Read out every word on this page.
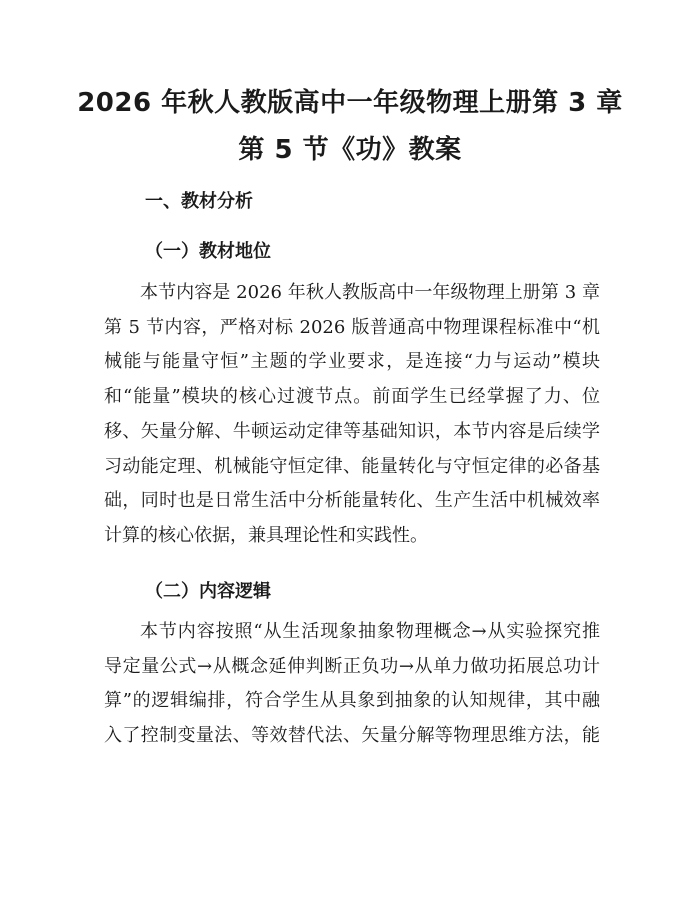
2026 年秋人教版高中一年级物理上册第 3 章
第 5 节《功》教案
一、教材分析
（一）教材地位
本节内容是 2026 年秋人教版高中一年级物理上册第 3 章
第 5 节内容，严格对标 2026 版普通高中物理课程标准中“机
械能与能量守恒”主题的学业要求，是连接“力与运动”模块
和“能量”模块的核心过渡节点。前面学生已经掌握了力、位
移、矢量分解、牛顿运动定律等基础知识，本节内容是后续学
习动能定理、机械能守恒定律、能量转化与守恒定律的必备基
础，同时也是日常生活中分析能量转化、生产生活中机械效率
计算的核心依据，兼具理论性和实践性。
（二）内容逻辑
本节内容按照“从生活现象抽象物理概念→从实验探究推
导定量公式→从概念延伸判断正负功→从单力做功拓展总功计
算”的逻辑编排，符合学生从具象到抽象的认知规律，其中融
入了控制变量法、等效替代法、矢量分解等物理思维方法，能
